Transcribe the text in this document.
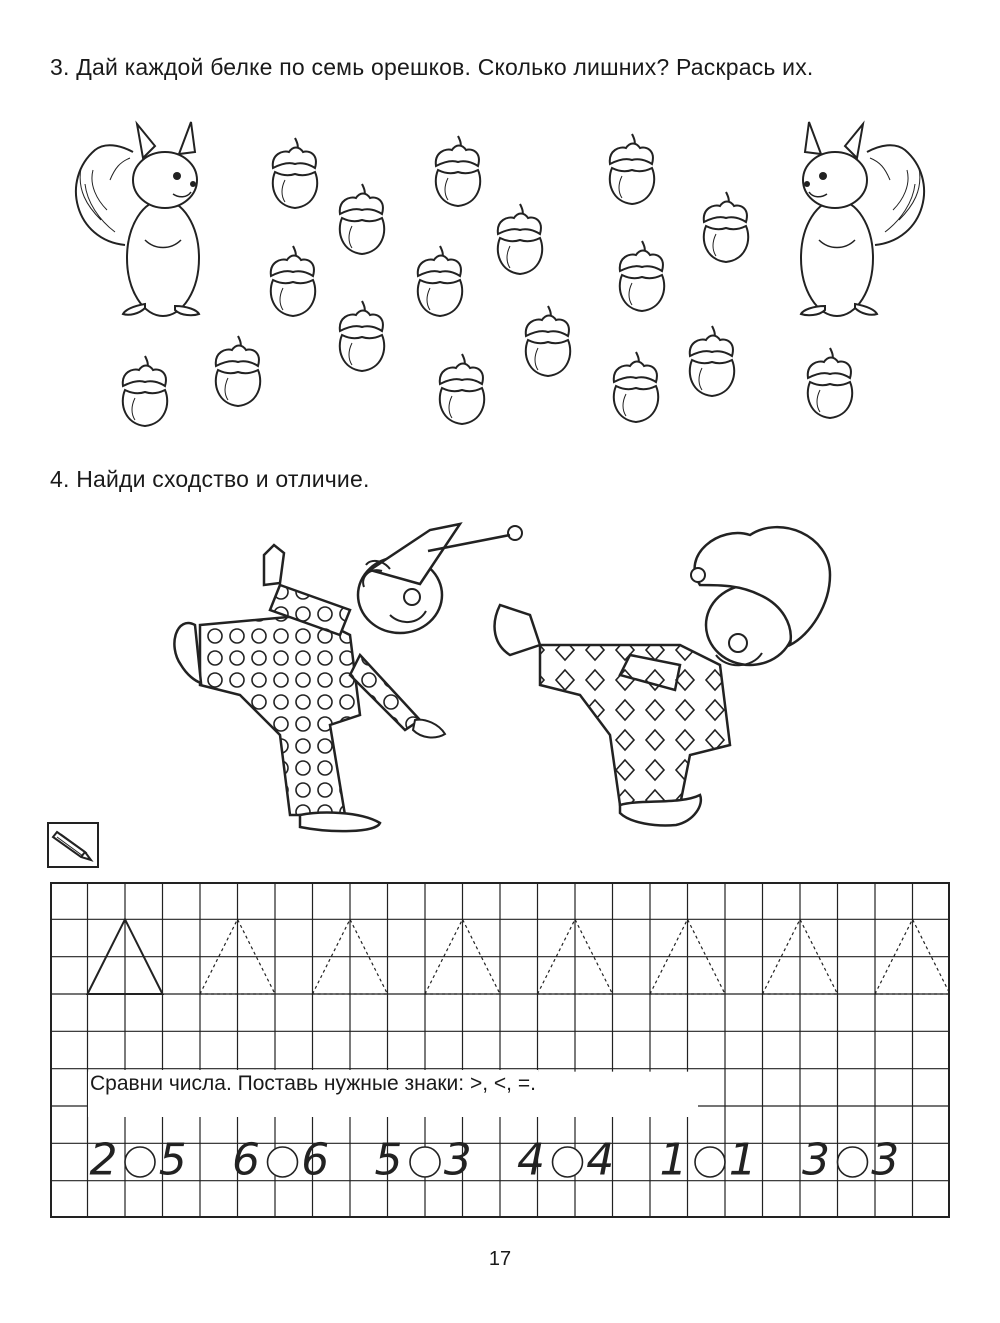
3. Дай каждой белке по семь орешков. Сколько лишних? Раскрась их.
4. Найди сходство и отличие.
2 5 6 6 5 3 4 4 1 1 3 3
Сравни числа. Поставь нужные знаки: >, <, =.
17
